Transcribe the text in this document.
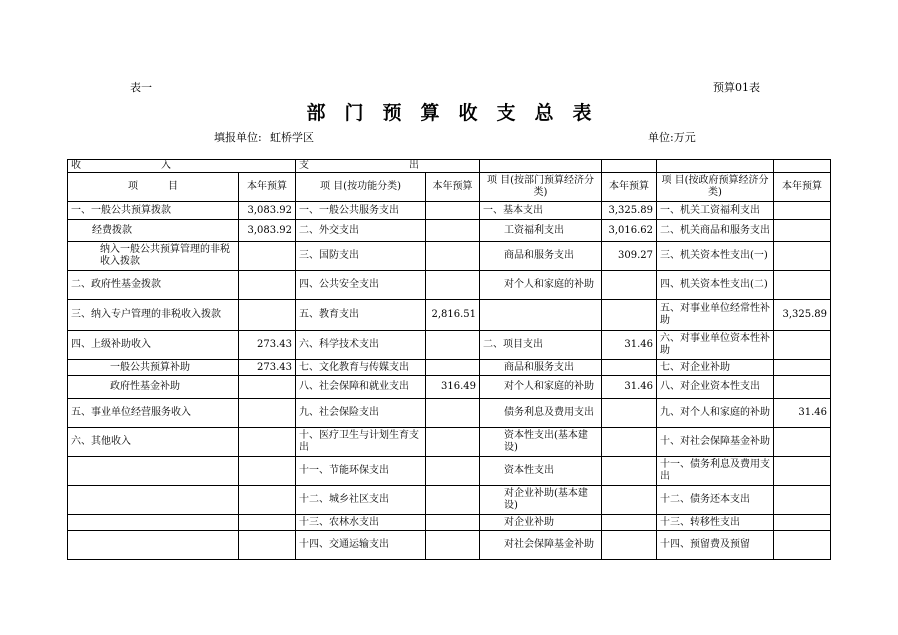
表一	预算01表
部门预算收支总表
填报单位: 虹桥学区	单位:万元
收　　　　　　　　入		支　　　　　　　　　　出					
项　　　目	本年预算	项 目(按功能分类)	本年预算	项 目(按部门预算经济分类)	本年预算	项 目(按政府预算经济分类)	本年预算
一、一般公共预算拨款	3,083.92	一、一般公共服务支出		一、基本支出	3,325.89	一、机关工资福利支出	
经费拨款	3,083.92	二、外交支出		工资福利支出	3,016.62	二、机关商品和服务支出	
纳入一般公共预算管理的非税收入拨款		三、国防支出		商品和服务支出	309.27	三、机关资本性支出(一)	
二、政府性基金拨款		四、公共安全支出		对个人和家庭的补助		四、机关资本性支出(二)	
三、纳入专户管理的非税收入拨款		五、教育支出	2,816.51			五、对事业单位经常性补助	3,325.89
四、上级补助收入	273.43	六、科学技术支出		二、项目支出	31.46	六、对事业单位资本性补助	
一般公共预算补助	273.43	七、文化教育与传媒支出		商品和服务支出		七、对企业补助	
政府性基金补助		八、社会保障和就业支出	316.49	对个人和家庭的补助	31.46	八、对企业资本性支出	
五、事业单位经营服务收入		九、社会保险支出		债务利息及费用支出		九、对个人和家庭的补助	31.46
六、其他收入		十、医疗卫生与计划生育支出		资本性支出(基本建设)		十、对社会保障基金补助	
		十一、节能环保支出		资本性支出		十一、债务利息及费用支出	
		十二、城乡社区支出		对企业补助(基本建设)		十二、债务还本支出	
		十三、农林水支出		对企业补助		十三、转移性支出	
		十四、交通运输支出		对社会保障基金补助		十四、预留费及预留	
